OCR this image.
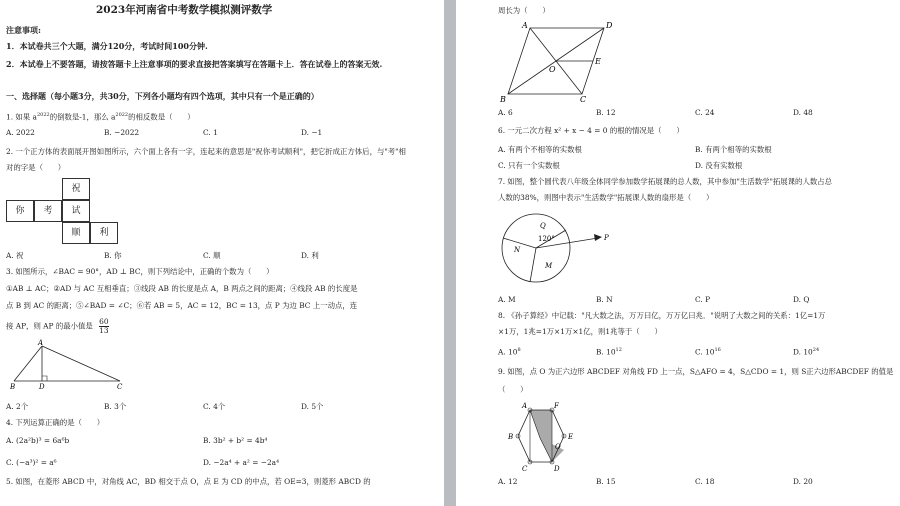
2023年河南省中考数学模拟测评数学
注意事项:
1．本试卷共三个大题，满分120分，考试时间100分钟.
2．本试卷上不要答题，请按答题卡上注意事项的要求直接把答案填写在答题卡上．答在试卷上的答案无效.
一、选择题（每小题3分，共30分，下列各小题均有四个选项，其中只有一个是正确的）
1. 如果 $a^{2022}$的倒数是-1，那么 $a^{2022}$的相反数是（　　）
A. 2022	B. −2022	C. 1	D. −1
2. 一个正方体的表面展开图如图所示，六个面上各有一字，连起来的意思是"祝你考试顺利"，把它折成正方体后，与"考"相对的字是（　　）
祝
你	考	试
顺	利
A. 祝	B. 你	C. 顺	D. 利
3. 如图所示，∠BAC = 90°，AD ⊥ BC，则下列结论中，正确的个数为（　　）
①AB ⊥ AC；②AD 与 AC 互相垂直；③线段 AB 的长度是点 A，B 两点之间的距离；④线段 AB 的长度是
点 B 到 AC 的距离；⑤∠BAD = ∠C；⑥若 AB = 5，AC = 12，BC = 13，点 P 为边 BC 上一动点，连
接 AP，则 AP 的最小值是 $\frac{60}{13}$
A
B	D	C
A. 2个	B. 3个	C. 4个	D. 5个
4. 下列运算正确的是（　　）
A. (2a²b)³ = 6a⁶b	B. 3b² + b² = 4b⁴
C. (−a³)² = a⁶	D. −2a⁴ + a² = −2a⁴
5. 如图，在菱形 ABCD 中，对角线 AC，BD 相交于点 O，点 E 为 CD 的中点，若 OE=3，则菱形 ABCD 的
周长为（　　）
A	D
E
O
B	C
A. 6	B. 12	C. 24	D. 48
6. 一元二次方程 x² + x − 4 = 0 的根的情况是（　　）
A. 有两个不相等的实数根	B. 有两个相等的实数根
C. 只有一个实数根	D. 没有实数根
7. 如图，整个圆代表八年级全体同学参加数学拓展课的总人数，其中参加"生活数学"拓展课的人数占总
人数的38%，则图中表示"生活数学"拓展课人数的扇形是（　　）
Q
120°	P
N
M
A. M	B. N	C. P	D. Q
8. 《孙子算经》中记载："凡大数之法，万万曰亿，万万亿曰兆．"说明了大数之间的关系：1亿=1万
×1万，1兆=1万×1万×1亿，则1兆等于（　　）
A. $10^8$	B. $10^{12}$	C. $10^{16}$	D. $10^{24}$
9. 如图，点 O 为正六边形 ABCDEF 对角线 FD 上一点，S△AFO = 4，S△CDO = 1，则 S正六边形ABCDEF 的值是
（　　）
A	F
B
O
E
C	D
A. 12	B. 15	C. 18	D. 20
